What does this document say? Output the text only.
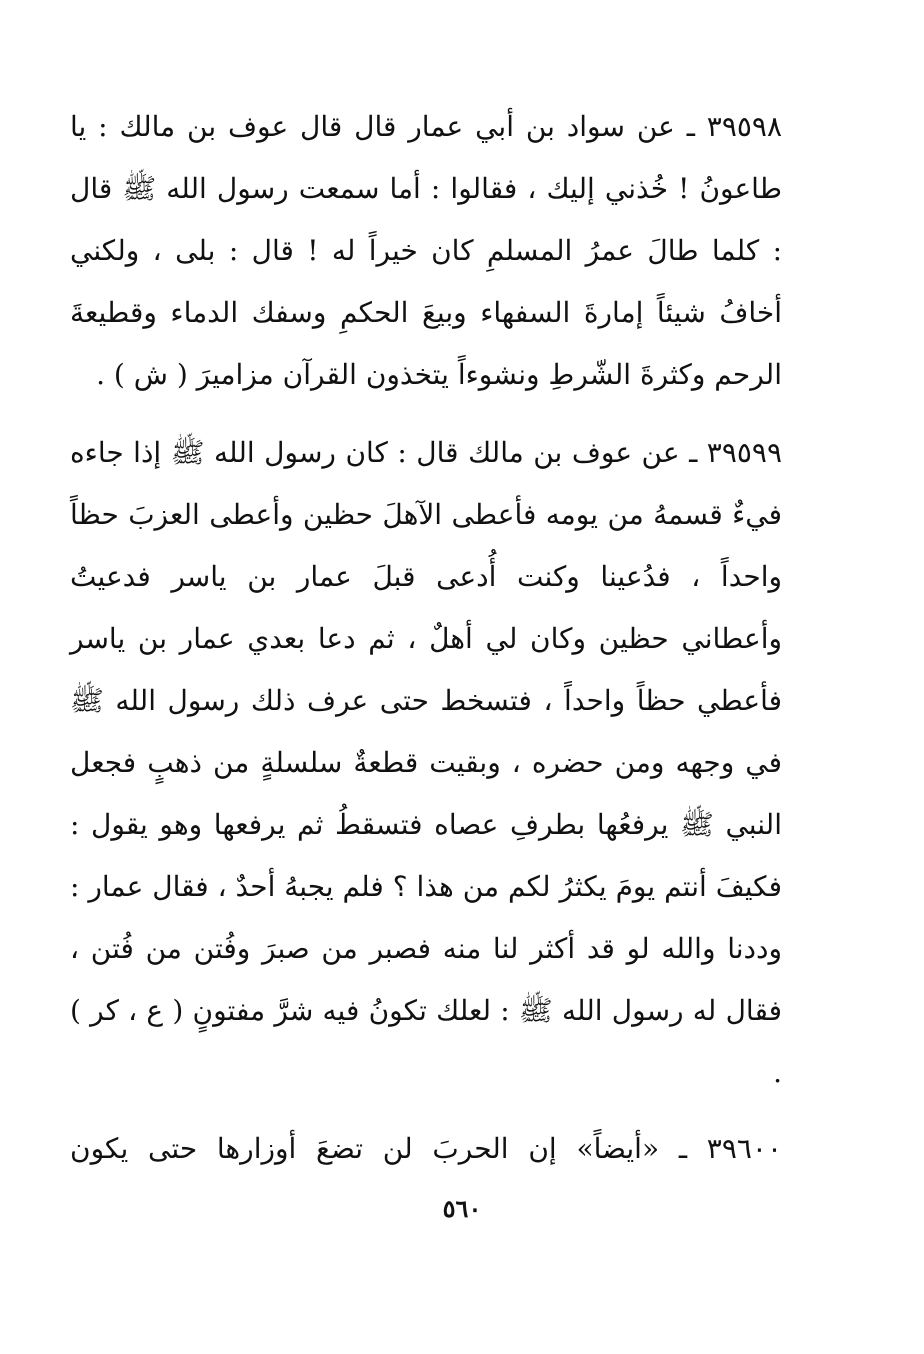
٣٩٥٩٨ ـ عن سواد بن أبي عمار قال قال عوف بن مالك : يا طاعونُ ! خُذني إليك ، فقالوا : أما سمعت رسول الله ﷺ قال : كلما طالَ عمرُ المسلمِ كان خيراً له ! قال : بلى ، ولكني أخافُ شيئاً إمارةَ السفهاء وبيعَ الحكمِ وسفك الدماء وقطيعةَ الرحم وكثرةَ الشّرطِ ونشوءاً يتخذون القرآن مزاميرَ ( ش ) .

٣٩٥٩٩ ـ عن عوف بن مالك قال : كان رسول الله ﷺ إذا جاءه فيءٌ قسمهُ من يومه فأعطى الآهلَ حظين وأعطى العزبَ حظاً واحداً ، فدُعينا وكنت أُدعى قبلَ عمار بن ياسر فدعيتُ وأعطاني حظين وكان لي أهلٌ ، ثم دعا بعدي عمار بن ياسر فأعطي حظاً واحداً ، فتسخط حتى عرف ذلك رسول الله ﷺ في وجهه ومن حضره ، وبقيت قطعةٌ سلسلةٍ من ذهبٍ فجعل النبي ﷺ يرفعُها بطرفِ عصاه فتسقطُ ثم يرفعها وهو يقول : فكيفَ أنتم يومَ يكثرُ لكم من هذا ؟ فلم يجبهُ أحدٌ ، فقال عمار : وددنا والله لو قد أكثر لنا منه فصبر من صبرَ وفُتن من فُتن ، فقال له رسول الله ﷺ : لعلك تكونُ فيه شرَّ مفتونٍ ( ع ، كر ) .

٣٩٦٠٠ ـ «أيضاً» إن الحربَ لن تضعَ أوزارها حتى يكون

٥٦٠
